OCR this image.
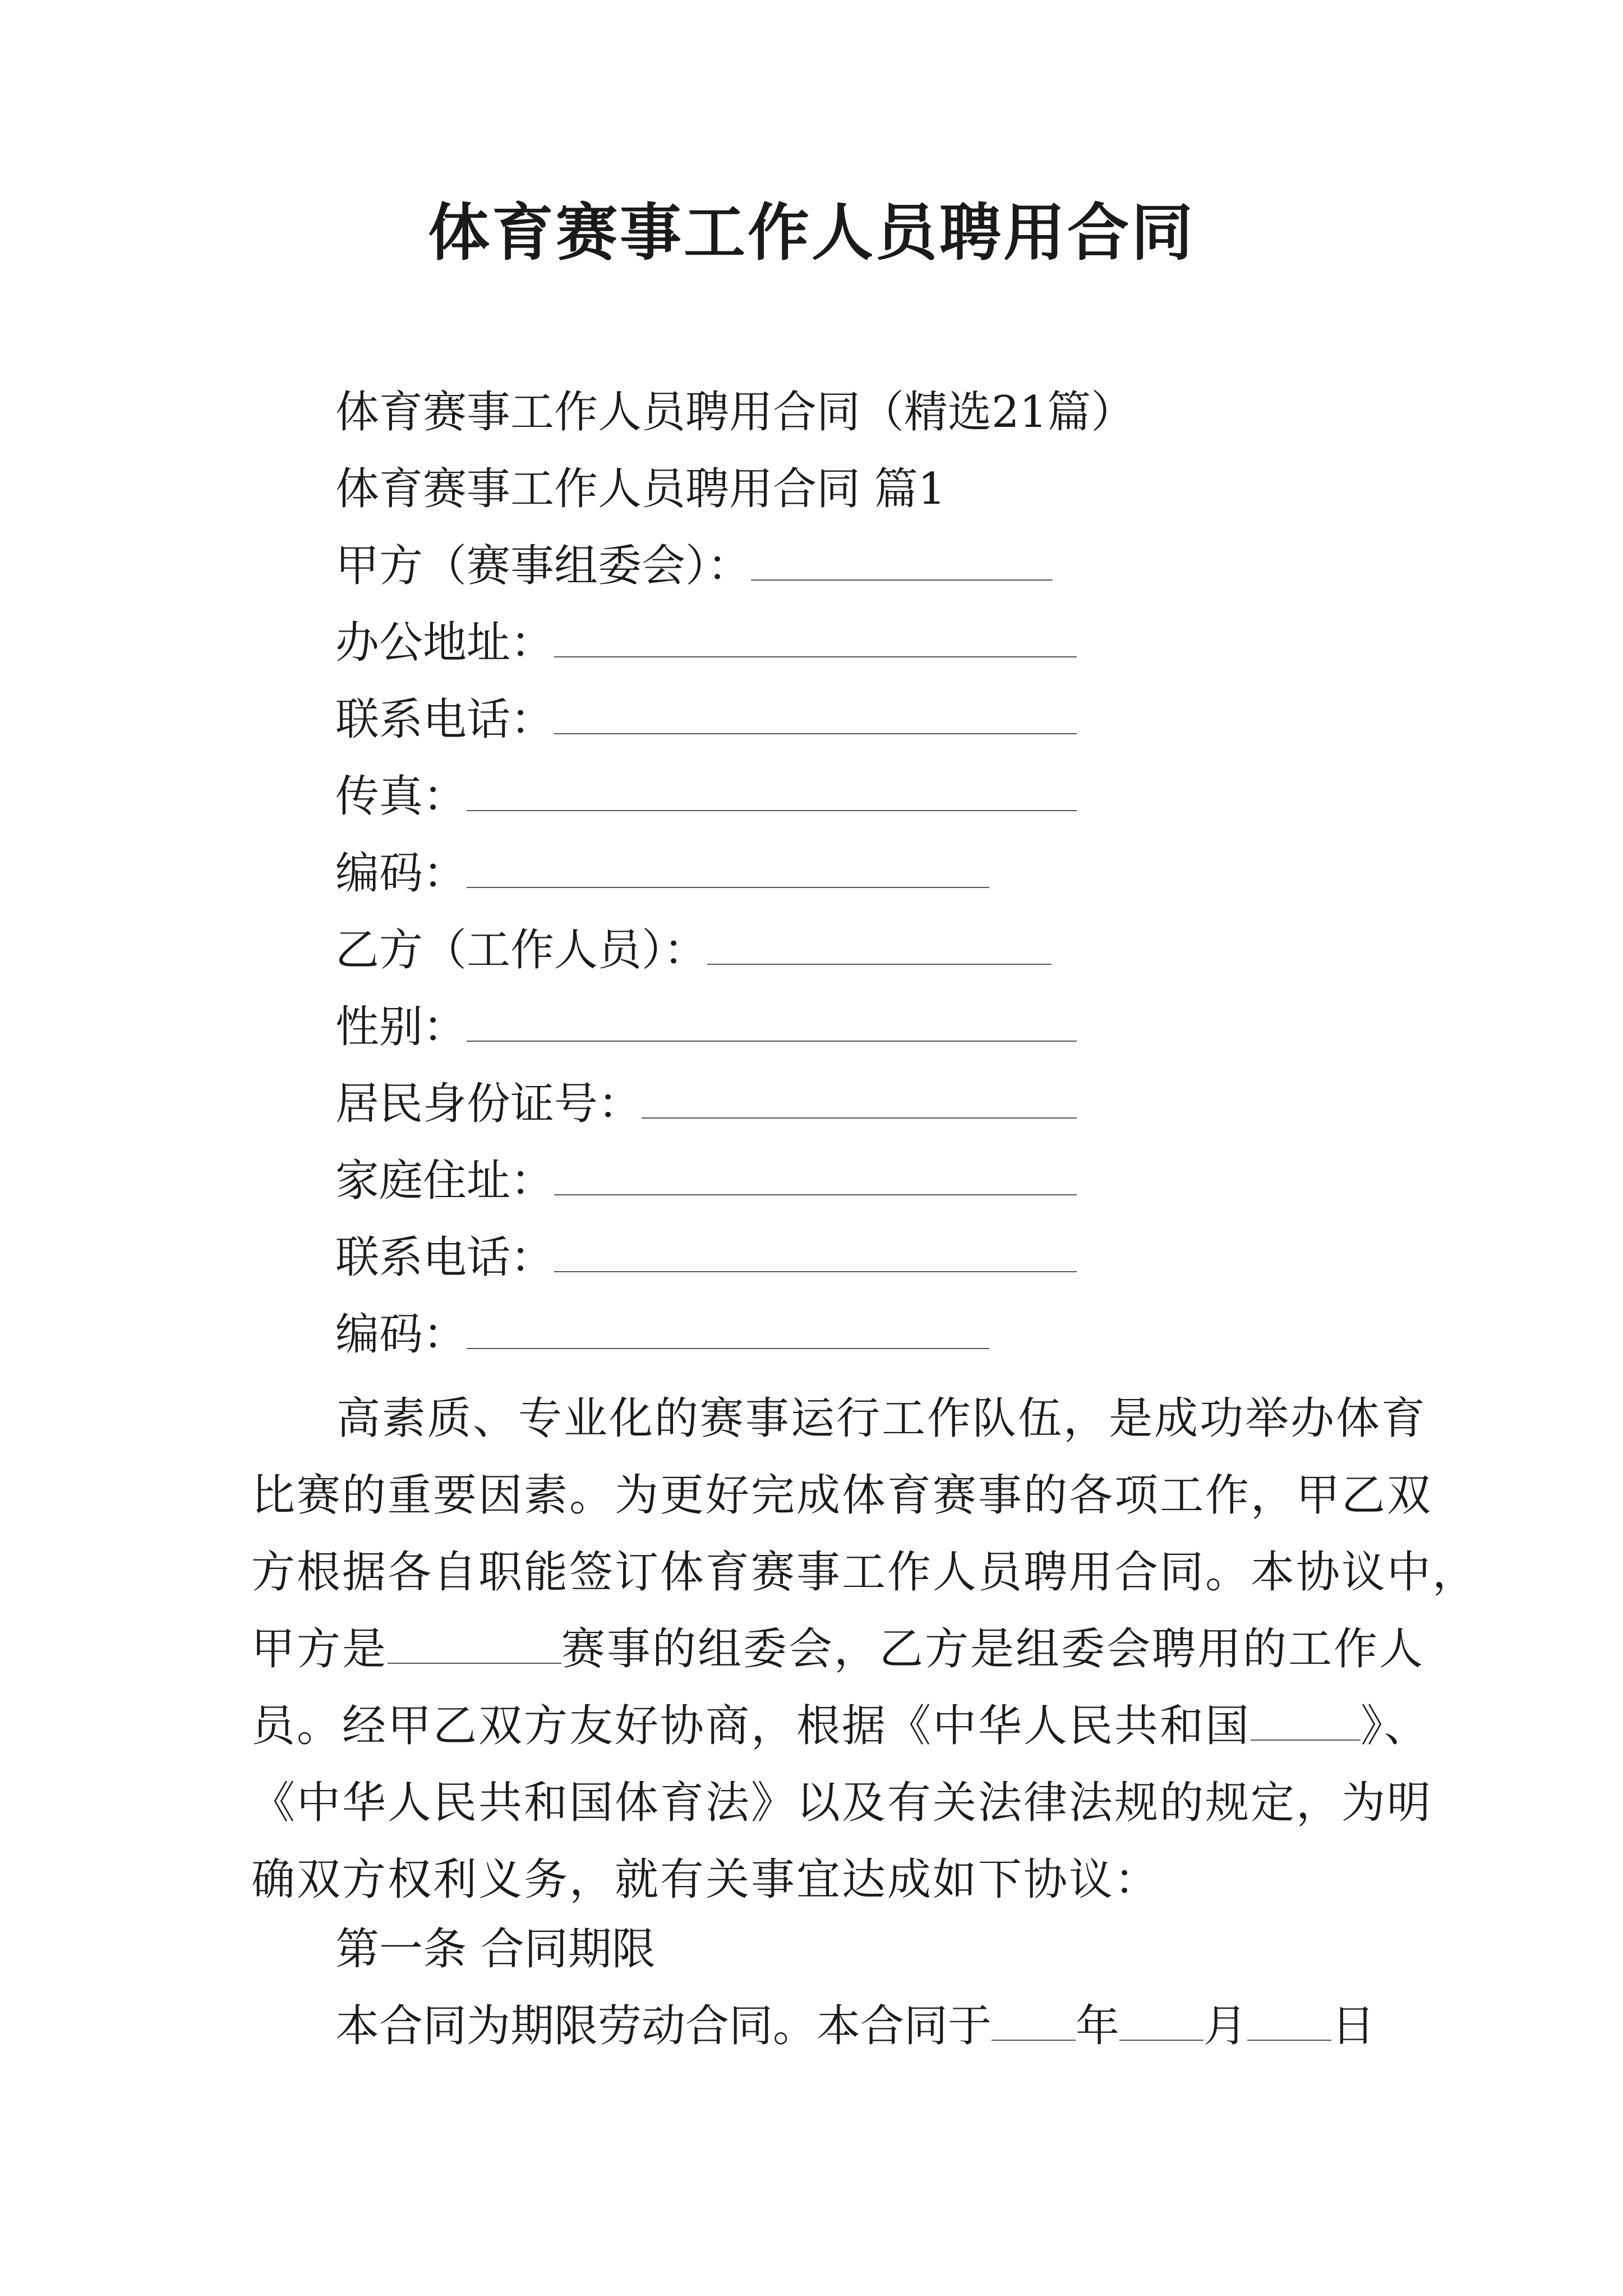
体育赛事工作人员聘用合同
体育赛事工作人员聘用合同（精选21篇）
体育赛事工作人员聘用合同 篇1
甲方（赛事组委会）：
办公地址：
联系电话：
传真：
编码：
乙方（工作人员）：
性别：
居民身份证号：
家庭住址：
联系电话：
编码：
高素质、专业化的赛事运行工作队伍，是成功举办体育
比赛的重要因素。为更好完成体育赛事的各项工作，甲乙双
方根据各自职能签订体育赛事工作人员聘用合同。本协议中，
甲方是	赛事的组委会，乙方是组委会聘用的工作人
员。经甲乙双方友好协商，根据《中华人民共和国	》、
《中华人民共和国体育法》以及有关法律法规的规定，为明
确双方权利义务，就有关事宜达成如下协议：
第一条 合同期限
本合同为期限劳动合同。本合同于 年 月 日
